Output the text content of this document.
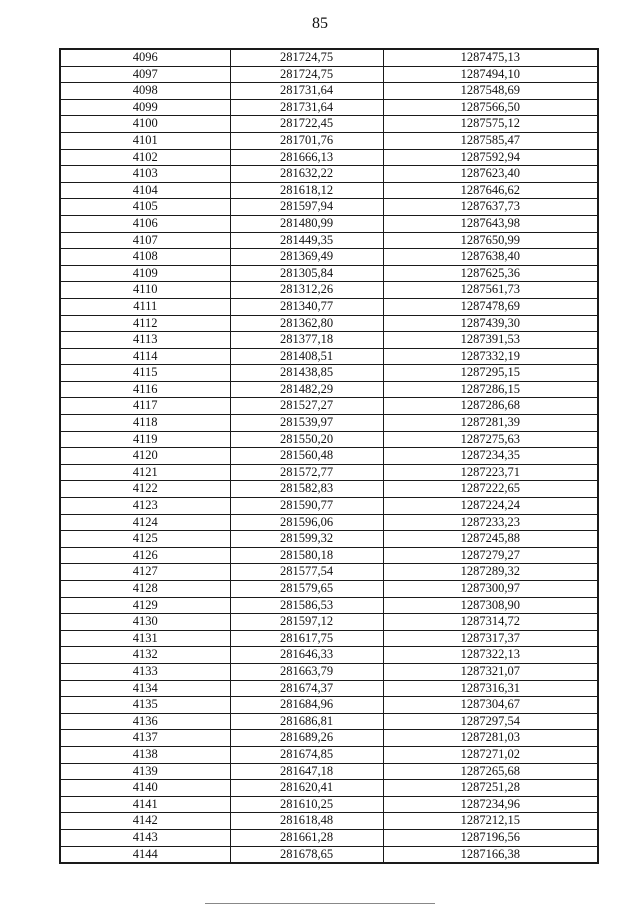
85
4096	281724,75	1287475,13
4097	281724,75	1287494,10
4098	281731,64	1287548,69
4099	281731,64	1287566,50
4100	281722,45	1287575,12
4101	281701,76	1287585,47
4102	281666,13	1287592,94
4103	281632,22	1287623,40
4104	281618,12	1287646,62
4105	281597,94	1287637,73
4106	281480,99	1287643,98
4107	281449,35	1287650,99
4108	281369,49	1287638,40
4109	281305,84	1287625,36
4110	281312,26	1287561,73
4111	281340,77	1287478,69
4112	281362,80	1287439,30
4113	281377,18	1287391,53
4114	281408,51	1287332,19
4115	281438,85	1287295,15
4116	281482,29	1287286,15
4117	281527,27	1287286,68
4118	281539,97	1287281,39
4119	281550,20	1287275,63
4120	281560,48	1287234,35
4121	281572,77	1287223,71
4122	281582,83	1287222,65
4123	281590,77	1287224,24
4124	281596,06	1287233,23
4125	281599,32	1287245,88
4126	281580,18	1287279,27
4127	281577,54	1287289,32
4128	281579,65	1287300,97
4129	281586,53	1287308,90
4130	281597,12	1287314,72
4131	281617,75	1287317,37
4132	281646,33	1287322,13
4133	281663,79	1287321,07
4134	281674,37	1287316,31
4135	281684,96	1287304,67
4136	281686,81	1287297,54
4137	281689,26	1287281,03
4138	281674,85	1287271,02
4139	281647,18	1287265,68
4140	281620,41	1287251,28
4141	281610,25	1287234,96
4142	281618,48	1287212,15
4143	281661,28	1287196,56
4144	281678,65	1287166,38
